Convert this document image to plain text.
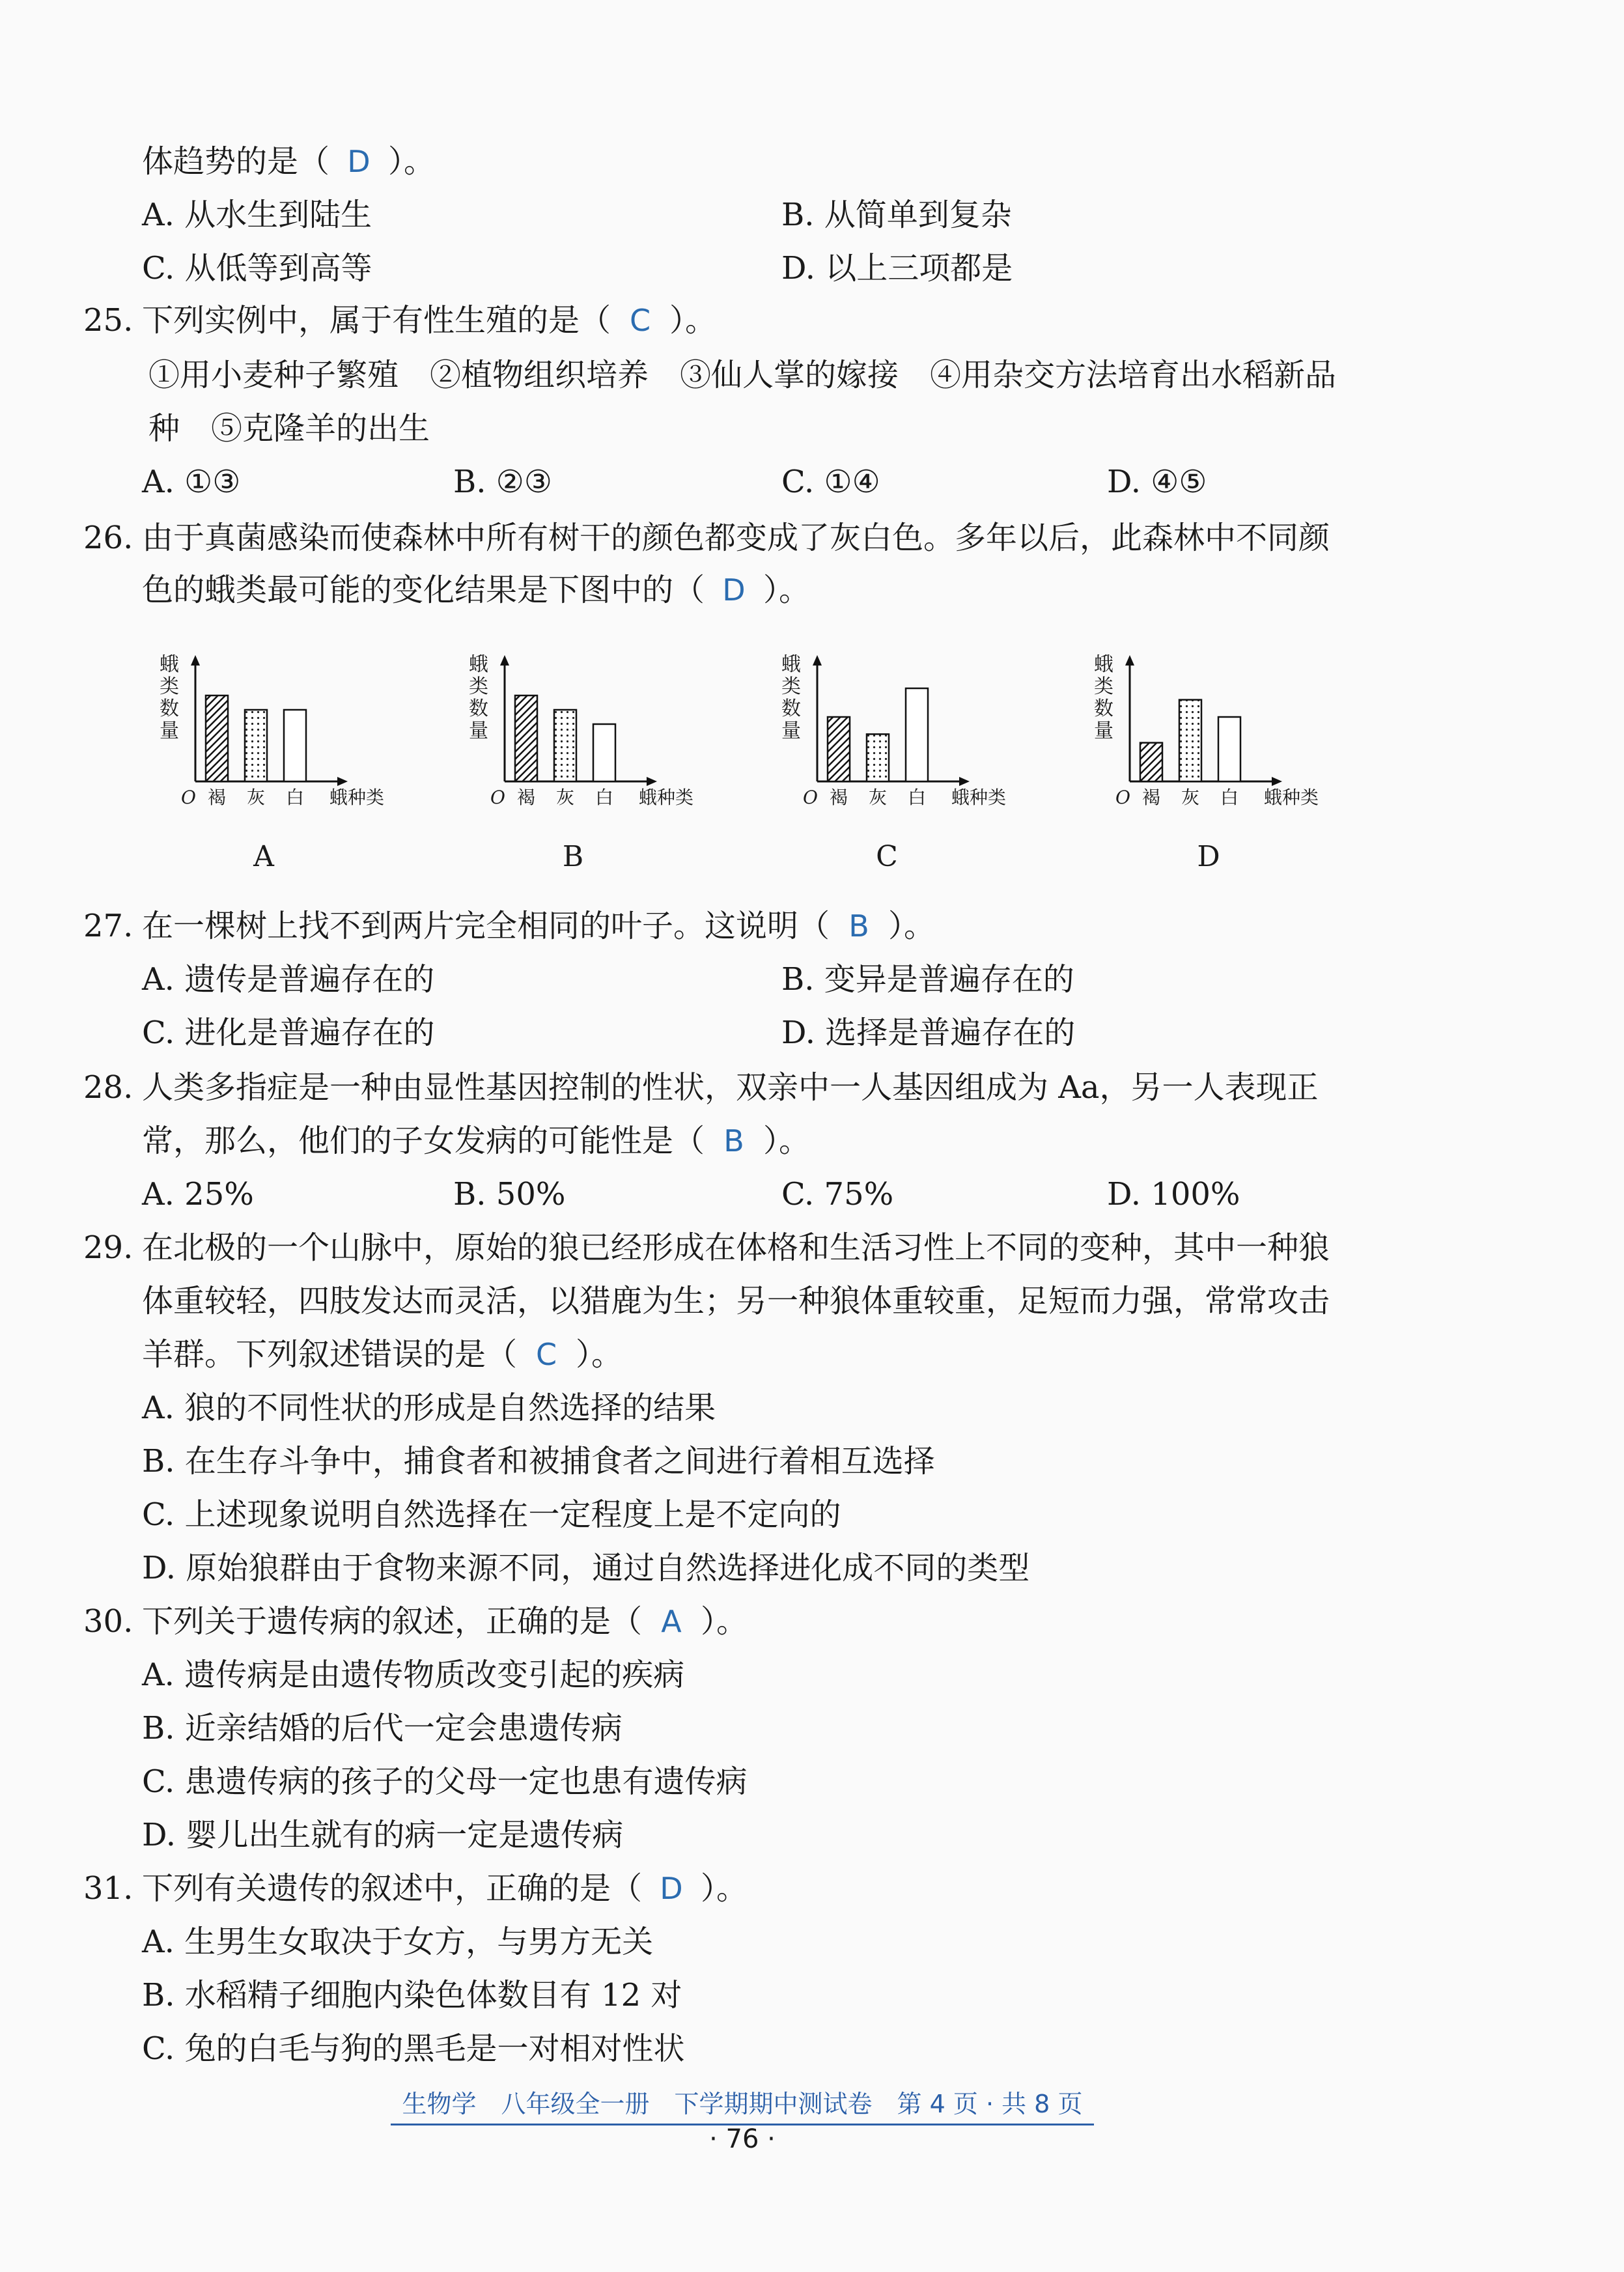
体趋势的是（ D ）。
A. 从水生到陆生	B. 从简单到复杂
C. 从低等到高等	D. 以上三项都是
25. 下列实例中，属于有性生殖的是（ C ）。
①用小麦种子繁殖　②植物组织培养　③仙人掌的嫁接　④用杂交方法培育出水稻新品
种　⑤克隆羊的出生
A. ①③	B. ②③	C. ①④	D. ④⑤
26. 由于真菌感染而使森林中所有树干的颜色都变成了灰白色。多年以后，此森林中不同颜
色的蛾类最可能的变化结果是下图中的（ D ）。
蛾
类
数
量
O 褐 灰 白 蛾种类
蛾
类
数
量
O 褐 灰 白 蛾种类
蛾
类
数
量
O 褐 灰 白 蛾种类
蛾
类
数
量
O 褐 灰 白 蛾种类
A	B	C	D
27. 在一棵树上找不到两片完全相同的叶子。这说明（ B ）。
A. 遗传是普遍存在的	B. 变异是普遍存在的
C. 进化是普遍存在的	D. 选择是普遍存在的
28. 人类多指症是一种由显性基因控制的性状，双亲中一人基因组成为 Aa，另一人表现正
常，那么，他们的子女发病的可能性是（ B ）。
A. 25%	B. 50%	C. 75%	D. 100%
29. 在北极的一个山脉中，原始的狼已经形成在体格和生活习性上不同的变种，其中一种狼
体重较轻，四肢发达而灵活，以猎鹿为生；另一种狼体重较重，足短而力强，常常攻击
羊群。下列叙述错误的是（ C ）。
A. 狼的不同性状的形成是自然选择的结果
B. 在生存斗争中，捕食者和被捕食者之间进行着相互选择
C. 上述现象说明自然选择在一定程度上是不定向的
D. 原始狼群由于食物来源不同，通过自然选择进化成不同的类型
30. 下列关于遗传病的叙述，正确的是（ A ）。
A. 遗传病是由遗传物质改变引起的疾病
B. 近亲结婚的后代一定会患遗传病
C. 患遗传病的孩子的父母一定也患有遗传病
D. 婴儿出生就有的病一定是遗传病
31. 下列有关遗传的叙述中，正确的是（ D ）。
A. 生男生女取决于女方，与男方无关
B. 水稻精子细胞内染色体数目有 12 对
C. 兔的白毛与狗的黑毛是一对相对性状
生物学　八年级全一册　下学期期中测试卷　第 4 页 · 共 8 页
· 76 ·
